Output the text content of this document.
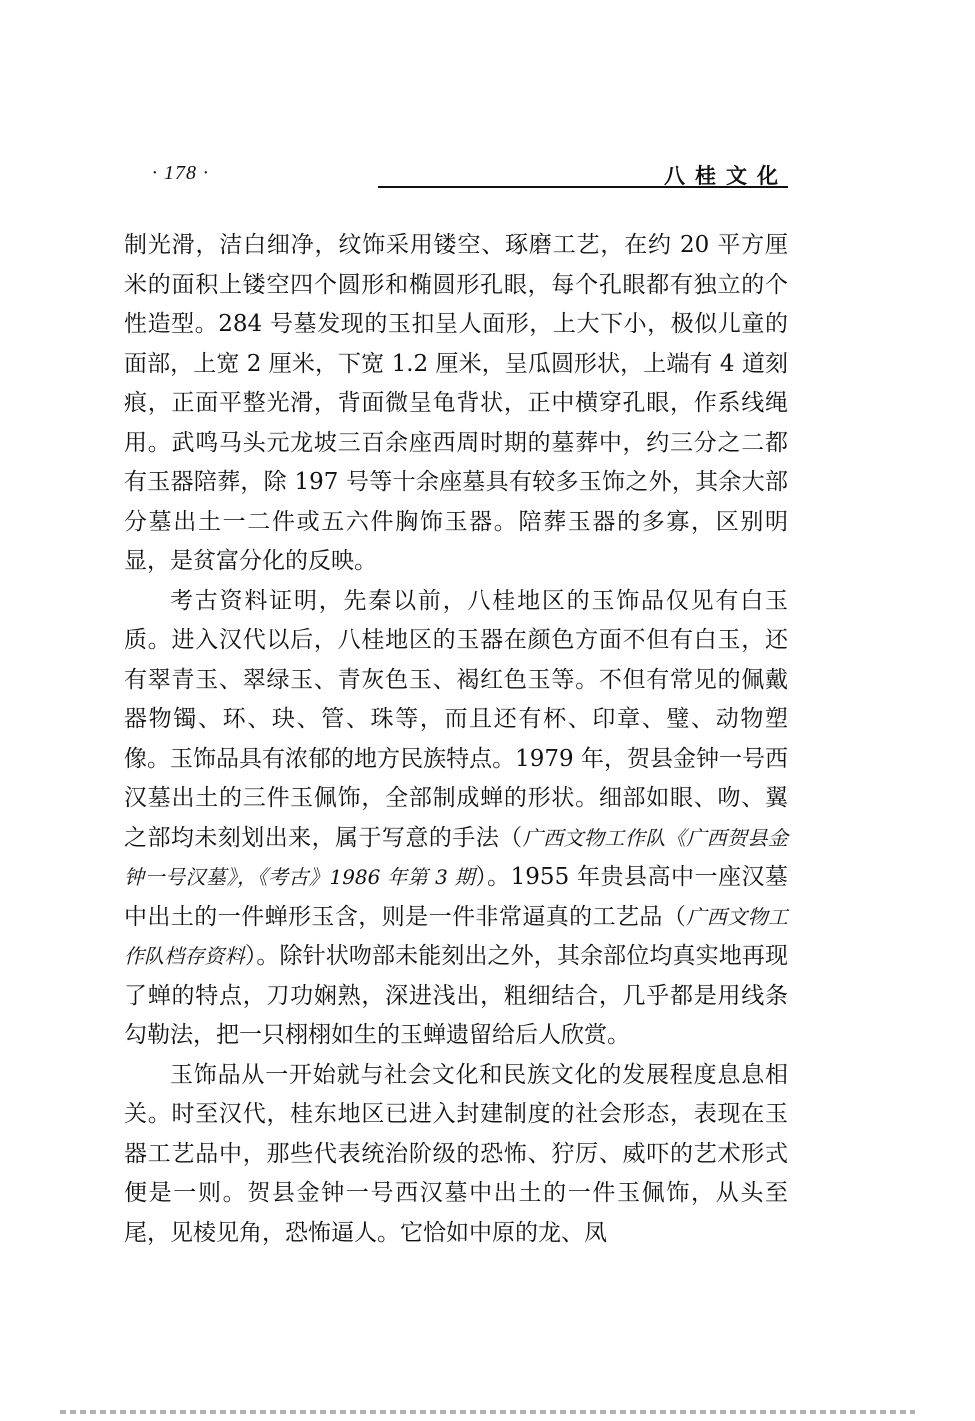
· 178 ·	八桂文化

制光滑，洁白细净，纹饰采用镂空、琢磨工艺，在约 20 平方厘米的面积上镂空四个圆形和椭圆形孔眼，每个孔眼都有独立的个性造型。284 号墓发现的玉扣呈人面形，上大下小，极似儿童的面部，上宽 2 厘米，下宽 1.2 厘米，呈瓜圆形状，上端有 4 道刻痕，正面平整光滑，背面微呈龟背状，正中横穿孔眼，作系线绳用。武鸣马头元龙坡三百余座西周时期的墓葬中，约三分之二都有玉器陪葬，除 197 号等十余座墓具有较多玉饰之外，其余大部分墓出土一二件或五六件胸饰玉器。陪葬玉器的多寡，区别明显，是贫富分化的反映。

考古资料证明，先秦以前，八桂地区的玉饰品仅见有白玉质。进入汉代以后，八桂地区的玉器在颜色方面不但有白玉，还有翠青玉、翠绿玉、青灰色玉、褐红色玉等。不但有常见的佩戴器物镯、环、玦、管、珠等，而且还有杯、印章、璧、动物塑像。玉饰品具有浓郁的地方民族特点。1979 年，贺县金钟一号西汉墓出土的三件玉佩饰，全部制成蝉的形状。细部如眼、吻、翼之部均未刻划出来，属于写意的手法（广西文物工作队《广西贺县金钟一号汉墓》，《考古》1986 年第 3 期）。1955 年贵县高中一座汉墓中出土的一件蝉形玉含，则是一件非常逼真的工艺品（广西文物工作队档存资料）。除针状吻部未能刻出之外，其余部位均真实地再现了蝉的特点，刀功娴熟，深进浅出，粗细结合，几乎都是用线条勾勒法，把一只栩栩如生的玉蝉遗留给后人欣赏。

玉饰品从一开始就与社会文化和民族文化的发展程度息息相关。时至汉代，桂东地区已进入封建制度的社会形态，表现在玉器工艺品中，那些代表统治阶级的恐怖、狞厉、威吓的艺术形式便是一则。贺县金钟一号西汉墓中出土的一件玉佩饰，从头至尾，见棱见角，恐怖逼人。它恰如中原的龙、凤
